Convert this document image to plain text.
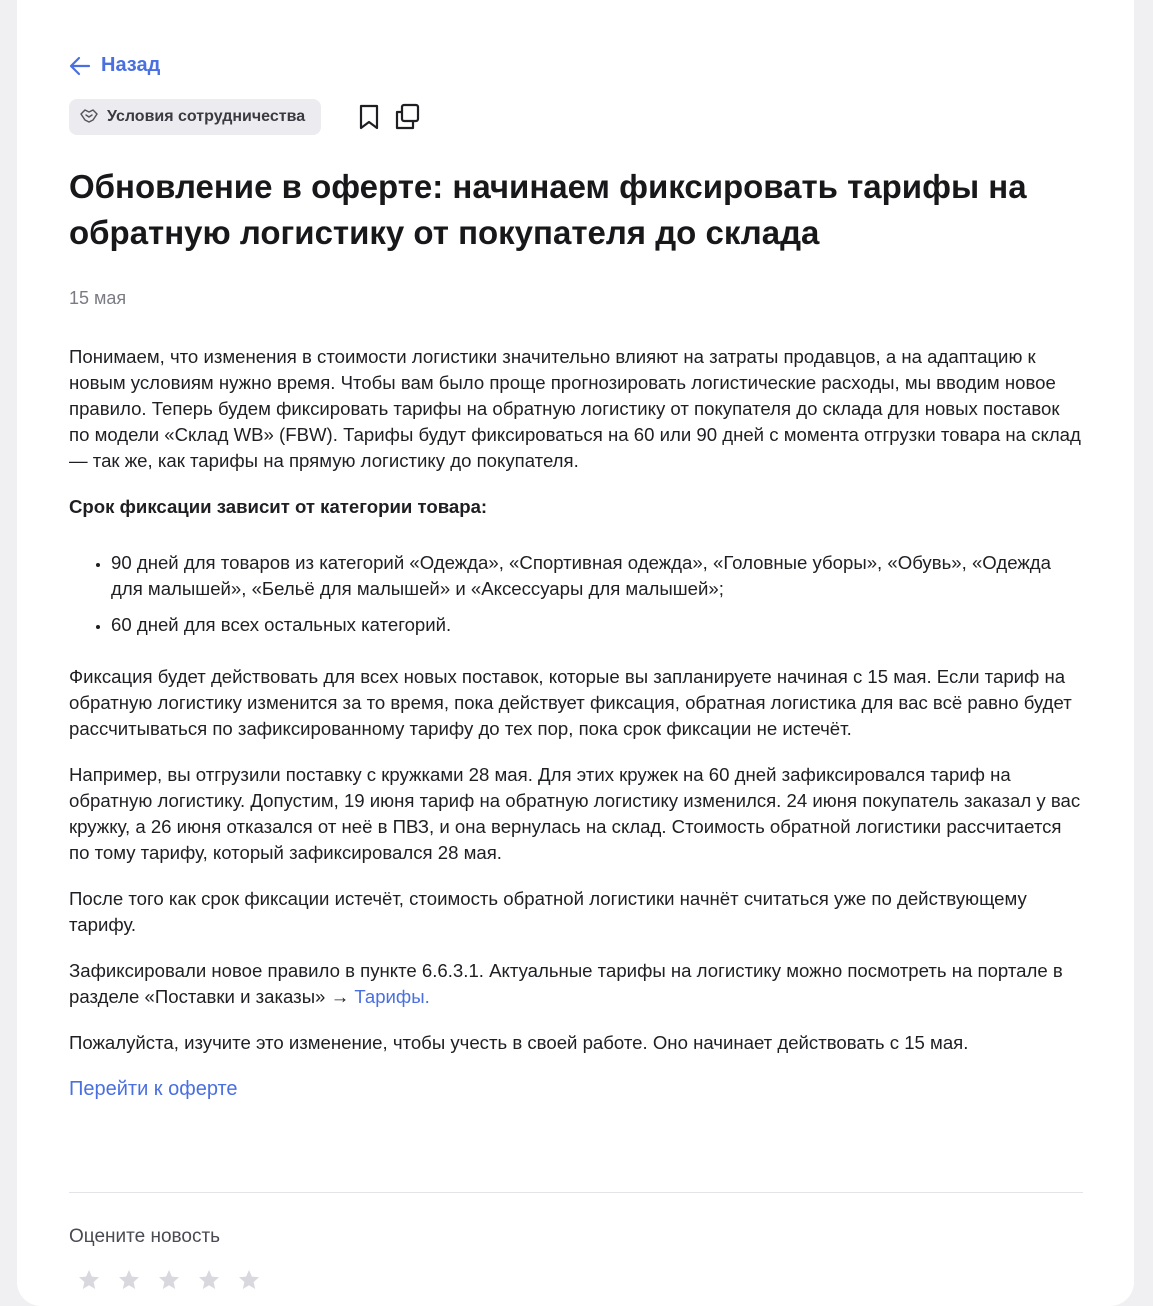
Назад
Условия сотрудничества
Обновление в оферте: начинаем фиксировать тарифы на обратную логистику от покупателя до склада
15 мая

Понимаем, что изменения в стоимости логистики значительно влияют на затраты продавцов, а на адаптацию к новым условиям нужно время. Чтобы вам было проще прогнозировать логистические расходы, мы вводим новое правило. Теперь будем фиксировать тарифы на обратную логистику от покупателя до склада для новых поставок по модели «Склад WB» (FBW). Тарифы будут фиксироваться на 60 или 90 дней с момента отгрузки товара на склад — так же, как тарифы на прямую логистику до покупателя.

Срок фиксации зависит от категории товара:

• 90 дней для товаров из категорий «Одежда», «Спортивная одежда», «Головные уборы», «Обувь», «Одежда для малышей», «Бельё для малышей» и «Аксессуары для малышей»;
• 60 дней для всех остальных категорий.

Фиксация будет действовать для всех новых поставок, которые вы запланируете начиная с 15 мая. Если тариф на обратную логистику изменится за то время, пока действует фиксация, обратная логистика для вас всё равно будет рассчитываться по зафиксированному тарифу до тех пор, пока срок фиксации не истечёт.

Например, вы отгрузили поставку с кружками 28 мая. Для этих кружек на 60 дней зафиксировался тариф на обратную логистику. Допустим, 19 июня тариф на обратную логистику изменился. 24 июня покупатель заказал у вас кружку, а 26 июня отказался от неё в ПВЗ, и она вернулась на склад. Стоимость обратной логистики рассчитается по тому тарифу, который зафиксировался 28 мая.

После того как срок фиксации истечёт, стоимость обратной логистики начнёт считаться уже по действующему тарифу.

Зафиксировали новое правило в пункте 6.6.3.1. Актуальные тарифы на логистику можно посмотреть на портале в разделе «Поставки и заказы» → Тарифы.

Пожалуйста, изучите это изменение, чтобы учесть в своей работе. Оно начинает действовать с 15 мая.

Перейти к оферте
Оцените новость
